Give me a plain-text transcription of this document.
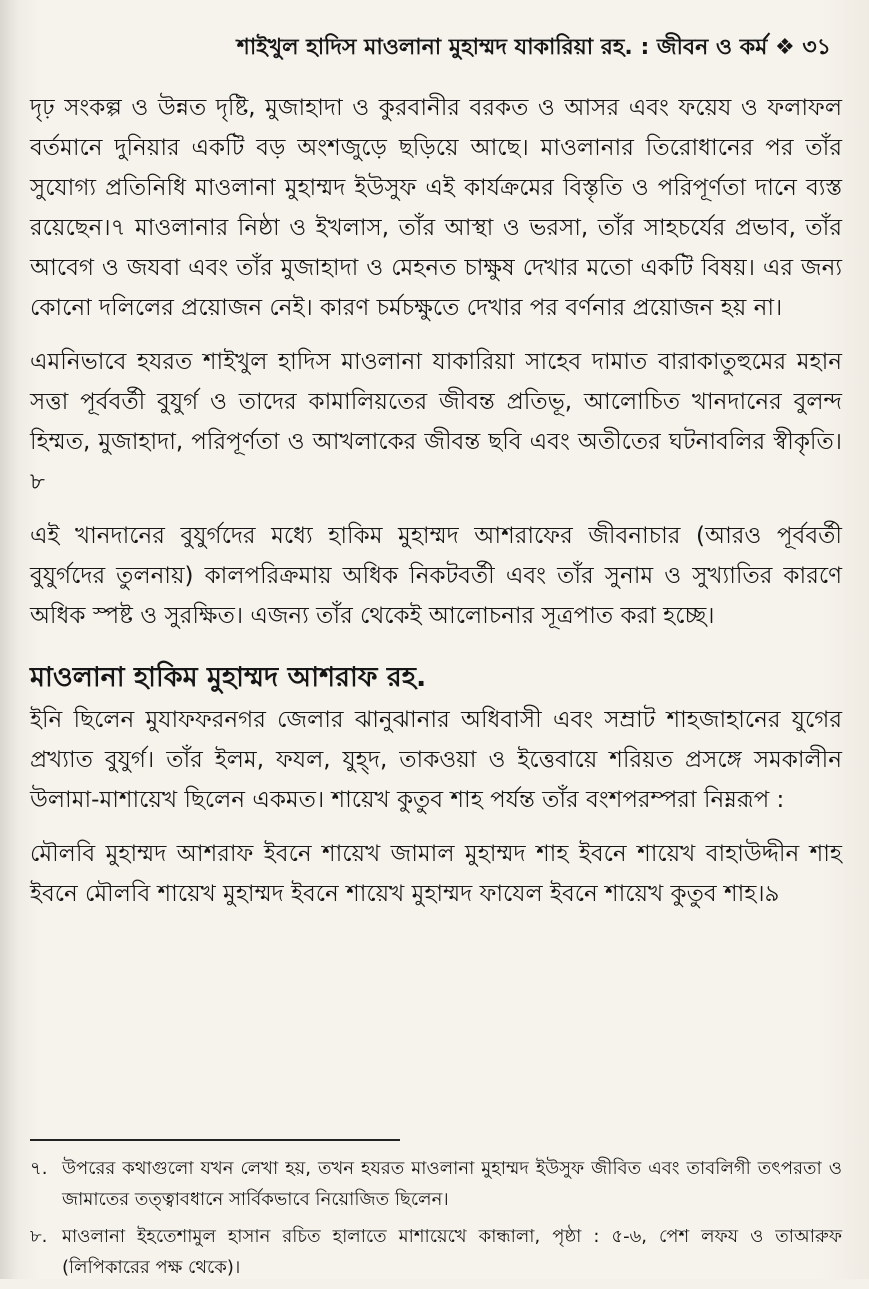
শাইখুল হাদিস মাওলানা মুহাম্মদ যাকারিয়া রহ. : জীবন ও কর্ম ❖ ৩১

দৃঢ় সংকল্প ও উন্নত দৃষ্টি, মুজাহাদা ও কুরবানীর বরকত ও আসর এবং ফয়েয ও ফলাফল বর্তমানে দুনিয়ার একটি বড় অংশজুড়ে ছড়িয়ে আছে। মাওলানার তিরোধানের পর তাঁর সুযোগ্য প্রতিনিধি মাওলানা মুহাম্মদ ইউসুফ এই কার্যক্রমের বিস্তৃতি ও পরিপূর্ণতা দানে ব্যস্ত রয়েছেন।৭ মাওলানার নিষ্ঠা ও ইখলাস, তাঁর আস্থা ও ভরসা, তাঁর সাহচর্যের প্রভাব, তাঁর আবেগ ও জযবা এবং তাঁর মুজাহাদা ও মেহনত চাক্ষুষ দেখার মতো একটি বিষয়। এর জন্য কোনো দলিলের প্রয়োজন নেই। কারণ চর্মচক্ষুতে দেখার পর বর্ণনার প্রয়োজন হয় না।

এমনিভাবে হযরত শাইখুল হাদিস মাওলানা যাকারিয়া সাহেব দামাত বারাকাতুহুমের মহান সত্তা পূর্ববর্তী বুযুর্গ ও তাদের কামালিয়তের জীবন্ত প্রতিভূ, আলোচিত খানদানের বুলন্দ হিম্মত, মুজাহাদা, পরিপূর্ণতা ও আখলাকের জীবন্ত ছবি এবং অতীতের ঘটনাবলির স্বীকৃতি।৮

এই খানদানের বুযুর্গদের মধ্যে হাকিম মুহাম্মদ আশরাফের জীবনাচার (আরও পূর্ববর্তী বুযুর্গদের তুলনায়) কালপরিক্রমায় অধিক নিকটবর্তী এবং তাঁর সুনাম ও সুখ্যাতির কারণে অধিক স্পষ্ট ও সুরক্ষিত। এজন্য তাঁর থেকেই আলোচনার সূত্রপাত করা হচ্ছে।

মাওলানা হাকিম মুহাম্মদ আশরাফ রহ.

ইনি ছিলেন মুযাফফরনগর জেলার ঝানুঝানার অধিবাসী এবং সম্রাট শাহজাহানের যুগের প্রখ্যাত বুযুর্গ। তাঁর ইলম, ফযল, যুহ্‌দ, তাকওয়া ও ইত্তেবায়ে শরিয়ত প্রসঙ্গে সমকালীন উলামা-মাশায়েখ ছিলেন একমত। শায়েখ কুতুব শাহ পর্যন্ত তাঁর বংশপরম্পরা নিম্নরূপ :

মৌলবি মুহাম্মদ আশরাফ ইবনে শায়েখ জামাল মুহাম্মদ শাহ ইবনে শায়েখ বাহাউদ্দীন শাহ ইবনে মৌলবি শায়েখ মুহাম্মদ ইবনে শায়েখ মুহাম্মদ ফাযেল ইবনে শায়েখ কুতুব শাহ।৯

৭. উপরের কথাগুলো যখন লেখা হয়, তখন হযরত মাওলানা মুহাম্মদ ইউসুফ জীবিত এবং তাবলিগী তৎপরতা ও জামাতের তত্ত্বাবধানে সার্বিকভাবে নিয়োজিত ছিলেন।
৮. মাওলানা ইহতেশামুল হাসান রচিত হালাতে মাশায়েখে কান্ধালা, পৃষ্ঠা : ৫-৬, পেশ লফয ও তাআরুফ (লিপিকারের পক্ষ থেকে)।
